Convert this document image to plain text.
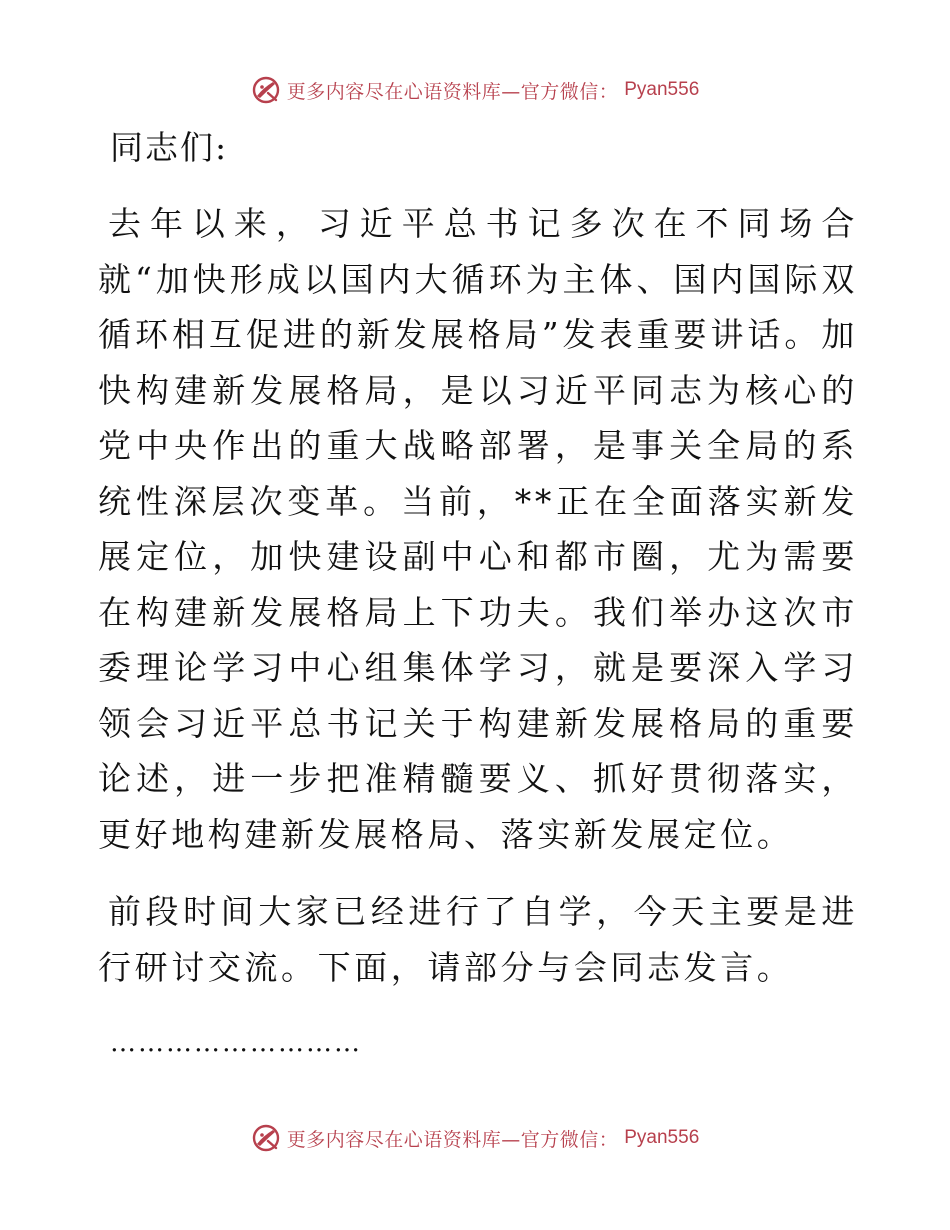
更多内容尽在心语资料库—官方微信： Pyan556
同志们:

去年以来，习近平总书记多次在不同场合就“加快形成以国内大循环为主体、国内国际双循环相互促进的新发展格局”发表重要讲话。加快构建新发展格局，是以习近平同志为核心的党中央作出的重大战略部署，是事关全局的系统性深层次变革。当前，**正在全面落实新发展定位，加快建设副中心和都市圈，尤为需要在构建新发展格局上下功夫。我们举办这次市委理论学习中心组集体学习，就是要深入学习领会习近平总书记关于构建新发展格局的重要论述，进一步把准精髓要义、抓好贯彻落实，更好地构建新发展格局、落实新发展定位。

前段时间大家已经进行了自学，今天主要是进行研讨交流。下面，请部分与会同志发言。

………………………
更多内容尽在心语资料库—官方微信： Pyan556
